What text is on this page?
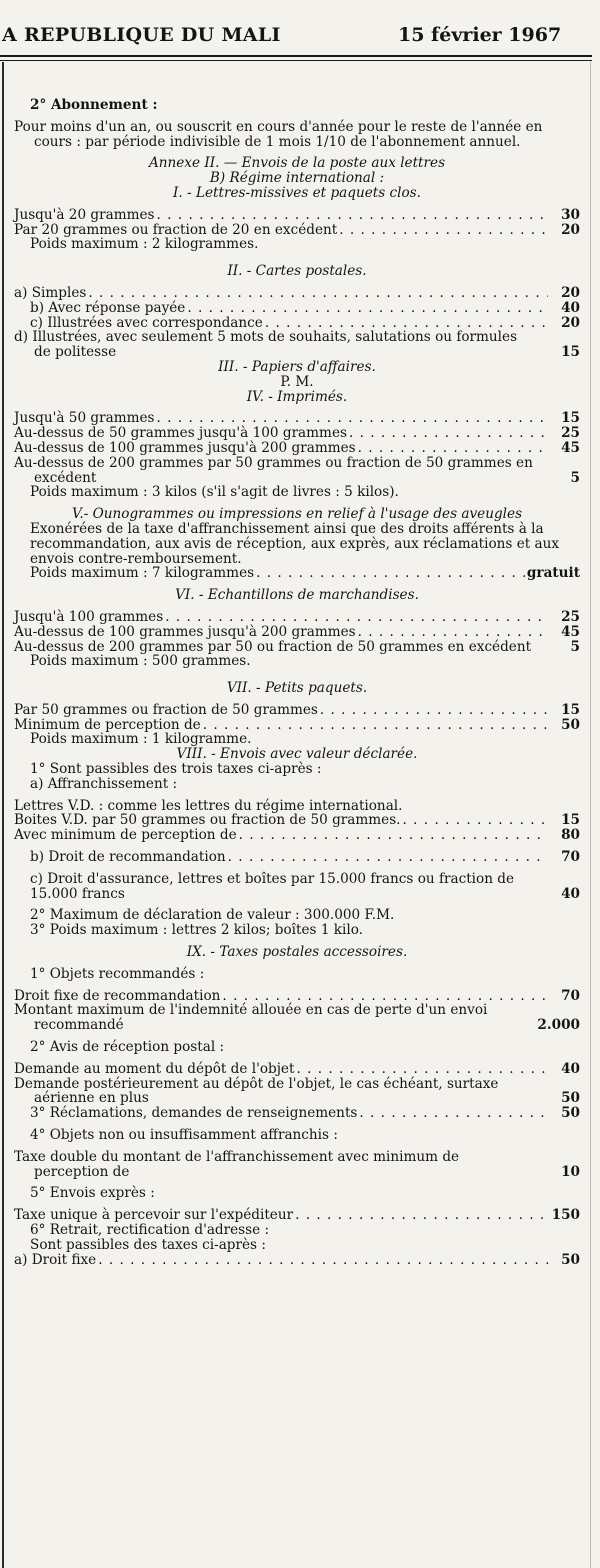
A REPUBLIQUE DU MALI	15 février 1967

2° Abonnement :

Pour moins d'un an, ou souscrit en cours d'année pour le reste de l'année en cours : par période indivisible de 1 mois 1/10 de l'abonnement annuel.

Annexe II. — Envois de la poste aux lettres

B) Régime international :

I. - Lettres-missives et paquets clos.

Jusqu'à 20 grammes . . .	30
Par 20 grammes ou fraction de 20 en excédent . . .	20

Poids maximum : 2 kilogrammes.

II. - Cartes postales.

a) Simples . . .	20
b) Avec réponse payée . . .	40
c) Illustrées avec correspondance . . .	20
d) Illustrées, avec seulement 5 mots de souhaits, salutations ou formules de politesse	15

III. - Papiers d'affaires.

P. M.

IV. - Imprimés.

Jusqu'à 50 grammes . . .	15
Au-dessus de 50 grammes jusqu'à 100 grammes . . .	25
Au-dessus de 100 grammes jusqu'à 200 grammes . . .	45
Au-dessus de 200 grammes par 50 grammes ou fraction de 50 grammes en excédent	5

Poids maximum : 3 kilos (s'il s'agit de livres : 5 kilos).

V.- Ounogrammes ou impressions en relief à l'usage des aveugles

Exonérées de la taxe d'affranchissement ainsi que des droits afférents à la recommandation, aux avis de réception, aux exprès, aux réclamations et aux envois contre-remboursement.

Poids maximum : 7 kilogrammes . . .	gratuit

VI. - Echantillons de marchandises.

Jusqu'à 100 grammes . . .	25
Au-dessus de 100 grammes jusqu'à 200 grammes . . .	45
Au-dessus de 200 grammes par 50 ou fraction de 50 grammes en excédent	5

Poids maximum : 500 grammes.

VII. - Petits paquets.

Par 50 grammes ou fraction de 50 grammes . . .	15
Minimum de perception de . . .	50

Poids maximum : 1 kilogramme.

VIII. - Envois avec valeur déclarée.

1° Sont passibles des trois taxes ci-après :

a) Affranchissement :

Lettres V.D. : comme les lettres du régime international.

Boites V.D. par 50 grammes ou fraction de 50 grammes. . . .	15
Avec minimum de perception de . . .	80
b) Droit de recommandation . . .	70
c) Droit d'assurance, lettres et boîtes par 15.000 francs ou fraction de 15.000 francs	40

2° Maximum de déclaration de valeur : 300.000 F.M.

3° Poids maximum : lettres 2 kilos; boîtes 1 kilo.

IX. - Taxes postales accessoires.

1° Objets recommandés :

Droit fixe de recommandation . . .	70
Montant maximum de l'indemnité allouée en cas de perte d'un envoi recommandé	2.000

2° Avis de réception postal :

Demande au moment du dépôt de l'objet . . .	40
Demande postérieurement au dépôt de l'objet, le cas échéant, surtaxe aérienne en plus	50
3° Réclamations, demandes de renseignements . . .	50

4° Objets non ou insuffisamment affranchis :

Taxe double du montant de l'affranchissement avec minimum de perception de	10

5° Envois exprès :

Taxe unique à percevoir sur l'expéditeur . . .	150

6° Retrait, rectification d'adresse :

Sont passibles des taxes ci-après :

a) Droit fixe . . .	50
